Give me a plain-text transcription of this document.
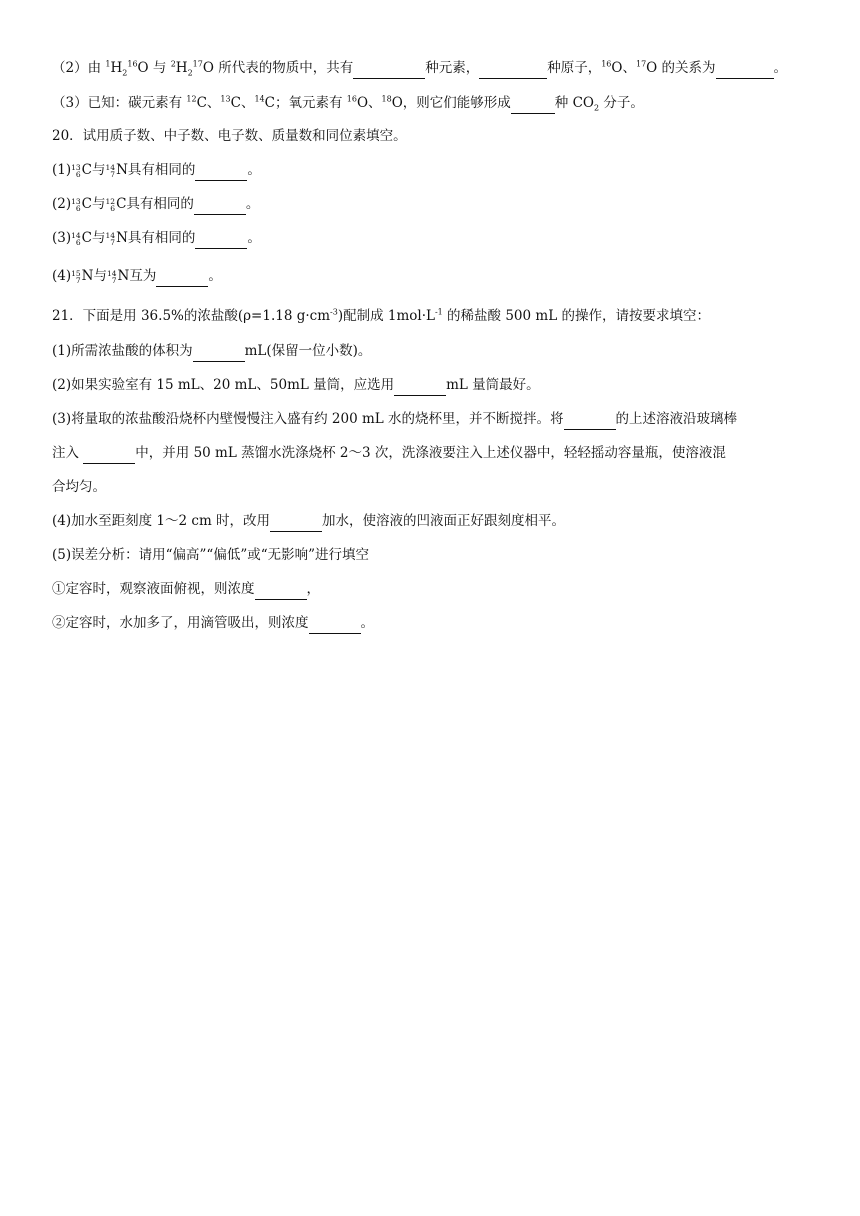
（2）由 $^1H_2^{16}O$ 与 $^2H_2^{17}O$ 所代表的物质中，共有	种元素，	种原子，$^{16}$O、$^{17}$O 的关系为	。
（3）已知：碳元素有 $^{12}$C、$^{13}$C、$^{14}$C；氧元素有 $^{16}$O、$^{18}$O，则它们能够形成	种 $CO_2$ 分子。
20．试用质子数、中子数、电子数、质量数和同位素填空。
(1) 13
6 C与 14
7 N具有相同的	。
(2) 13
6 C与 12
6 C具有相同的	。
(3) 14
6 C与 14
7 N具有相同的	。
(4) 15
7 N与 14
7 N互为	。
21．下面是用 36.5%的浓盐酸(ρ=1.18 $g\cdot cm^{-3}$)配制成 $1mol\cdot L^{-1}$ 的稀盐酸 500 mL 的操作，请按要求填空：
(1)所需浓盐酸的体积为	mL(保留一位小数)。
(2)如果实验室有 15 mL、20 mL、50mL 量筒，应选用	mL 量筒最好。
(3)将量取的浓盐酸沿烧杯内壁慢慢注入盛有约 200 mL 水的烧杯里，并不断搅拌。将	的上述溶液沿玻璃棒
注入	中，并用 50 mL 蒸馏水洗涤烧杯 2～3 次，洗涤液要注入上述仪器中，轻轻摇动容量瓶，使溶液混
合均匀。
(4)加水至距刻度 1～2 cm 时，改用	加水，使溶液的凹液面正好跟刻度相平。
(5)误差分析：请用“偏高”“偏低”或“无影响”进行填空
①定容时，观察液面俯视，则浓度	，
②定容时，水加多了，用滴管吸出，则浓度	。
